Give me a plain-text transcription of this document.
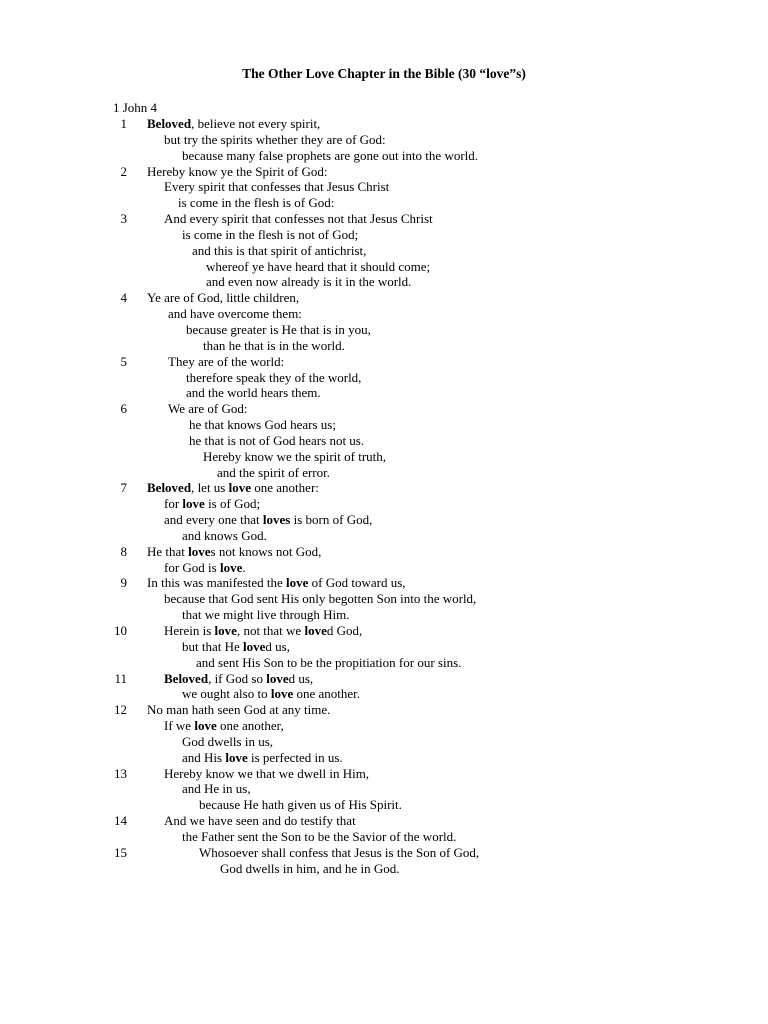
The Other Love Chapter in the Bible (30 “love”s)
1 John 4
1 Beloved, believe not every spirit,
but try the spirits whether they are of God:
because many false prophets are gone out into the world.
2 Hereby know ye the Spirit of God:
Every spirit that confesses that Jesus Christ
is come in the flesh is of God:
3	And every spirit that confesses not that Jesus Christ
is come in the flesh is not of God;
and this is that spirit of antichrist,
whereof ye have heard that it should come;
and even now already is it in the world.
4 Ye are of God, little children,
and have overcome them:
because greater is He that is in you,
than he that is in the world.
5	They are of the world:
therefore speak they of the world,
and the world hears them.
6	We are of God:
he that knows God hears us;
he that is not of God hears not us.
Hereby know we the spirit of truth,
and the spirit of error.
7 Beloved, let us love one another:
for love is of God;
and every one that loves is born of God,
and knows God.
8 He that loves not knows not God,
for God is love.
9 In this was manifested the love of God toward us,
because that God sent His only begotten Son into the world,
that we might live through Him.
10	Herein is love, not that we loved God,
but that He loved us,
and sent His Son to be the propitiation for our sins.
11	Beloved, if God so loved us,
we ought also to love one another.
12 No man hath seen God at any time.
If we love one another,
God dwells in us,
and His love is perfected in us.
13	Hereby know we that we dwell in Him,
and He in us,
because He hath given us of His Spirit.
14	And we have seen and do testify that
the Father sent the Son to be the Savior of the world.
15	Whosoever shall confess that Jesus is the Son of God,
God dwells in him, and he in God.
